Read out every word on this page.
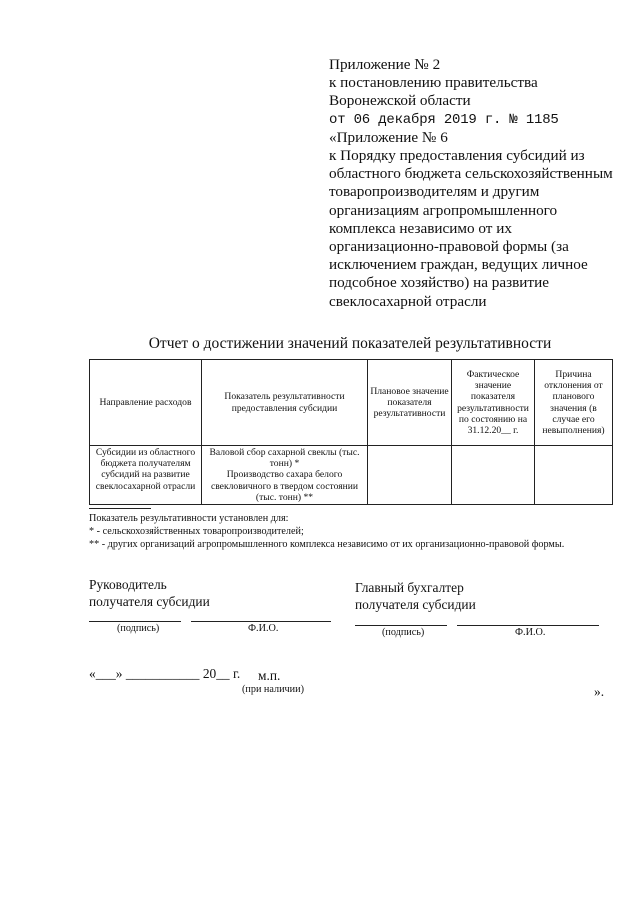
Приложение № 2
к постановлению правительства
Воронежской области
от 06 декабря 2019 г. № 1185
«Приложение № 6
к Порядку предоставления субсидий из
областного бюджета сельскохозяйственным
товаропроизводителям и другим
организациям агропромышленного
комплекса независимо от их
организационно-правовой формы (за
исключением граждан, ведущих личное
подсобное хозяйство) на развитие
свеклосахарной отрасли
Отчет о достижении значений показателей результативности
Направление расходов	Показатель результативности предоставления субсидии	Плановое значение показателя результативности	Фактическое значение показателя результативности по состоянию на 31.12.20__ г.	Причина отклонения от планового значения (в случае его невыполнения)
Субсидии из областного бюджета получателям субсидий на развитие свеклосахарной отрасли	Валовой сбор сахарной свеклы (тыс. тонн) *
Производство сахара белого свекловичного в твердом состоянии (тыс. тонн) **			

Показатель результативности установлен для:
* - сельскохозяйственных товаропроизводителей;
** - других организаций агропромышленного комплекса независимо от их организационно-правовой формы.
Руководитель
получателя субсидии
(подпись)	Ф.И.О.
Главный бухгалтер
получателя субсидии
(подпись)	Ф.И.О.
«___» ___________ 20__ г. м.п.
(при наличии)	».
